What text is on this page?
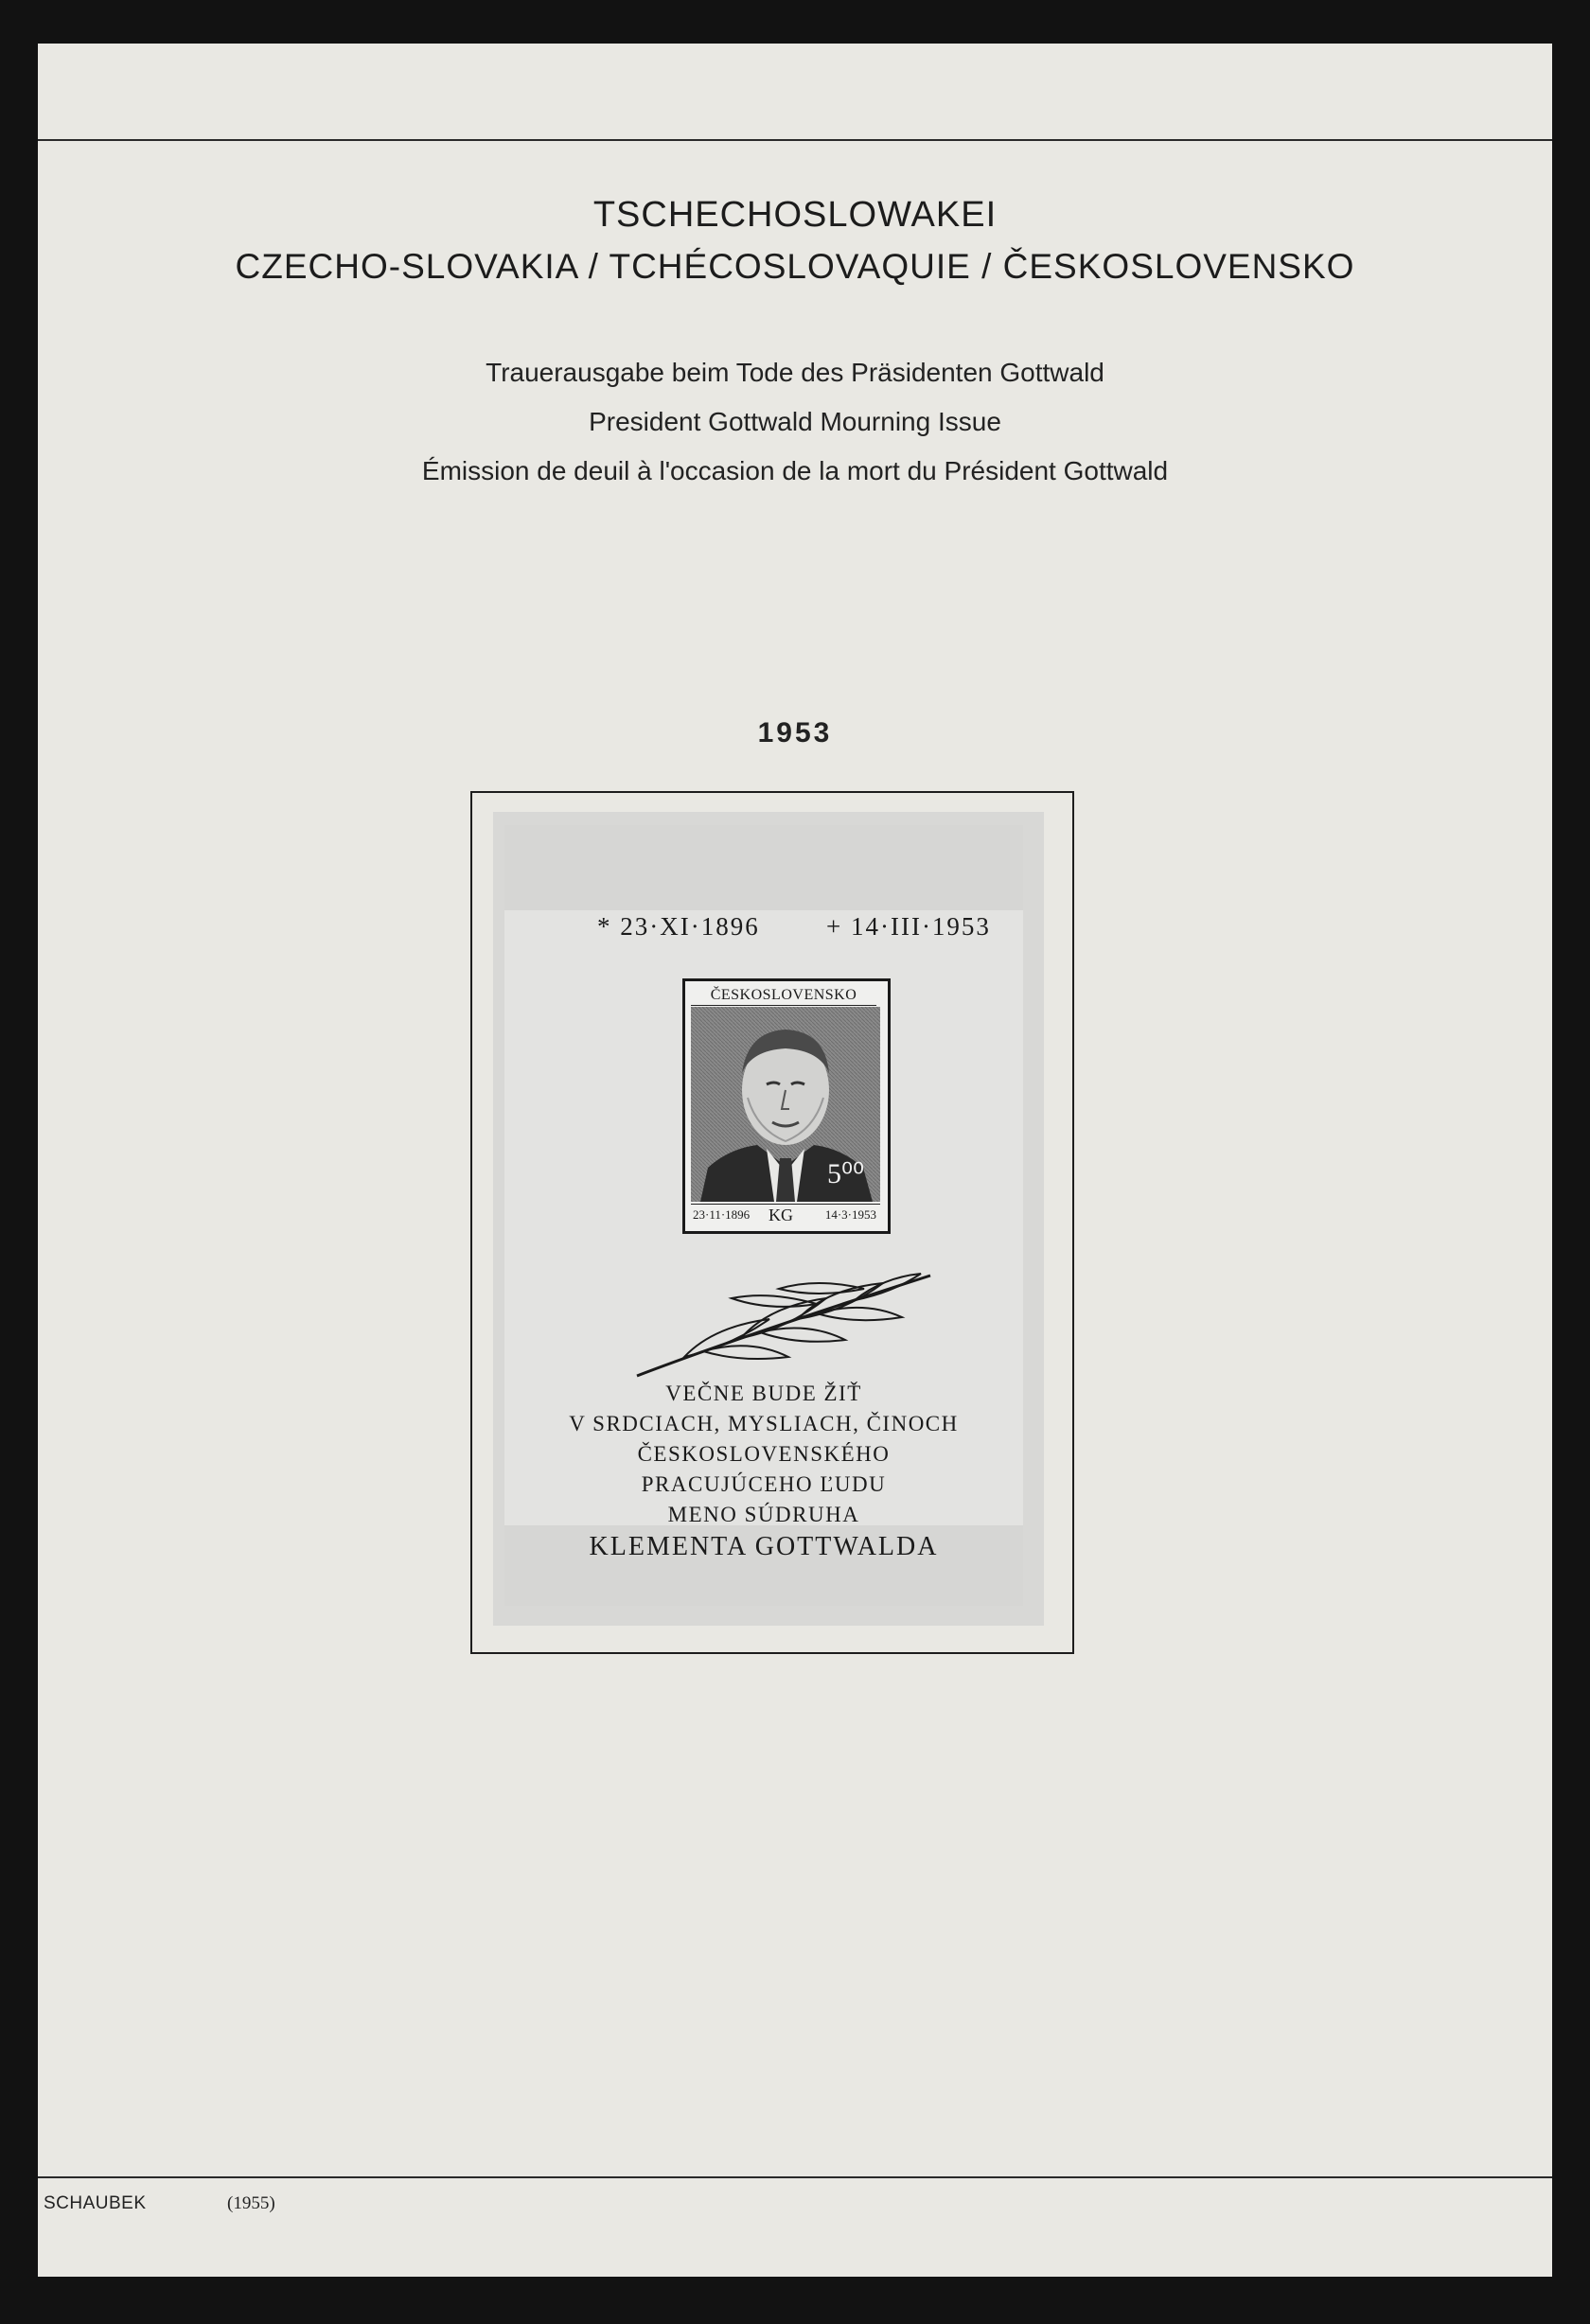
TSCHECHOSLOWAKEI
CZECHO-SLOVAKIA / TCHÉCOSLOVAQUIE / ČESKOSLOVENSKO
Trauerausgabe beim Tode des Präsidenten Gottwald
President Gottwald Mourning Issue
Émission de deuil à l'occasion de la mort du Président Gottwald
1953
* 23·XI·1896	+ 14·III·1953
ČESKOSLOVENSKO
5⁰⁰
23·11·1896 KG	14·3·1953
VEČNE BUDE ŽIŤ
V SRDCIACH, MYSLIACH, ČINOCH
ČESKOSLOVENSKÉHO
PRACUJÚCEHO ĽUDU
MENO SÚDRUHA
KLEMENTA GOTTWALDA
SCHAUBEK	(1955)
